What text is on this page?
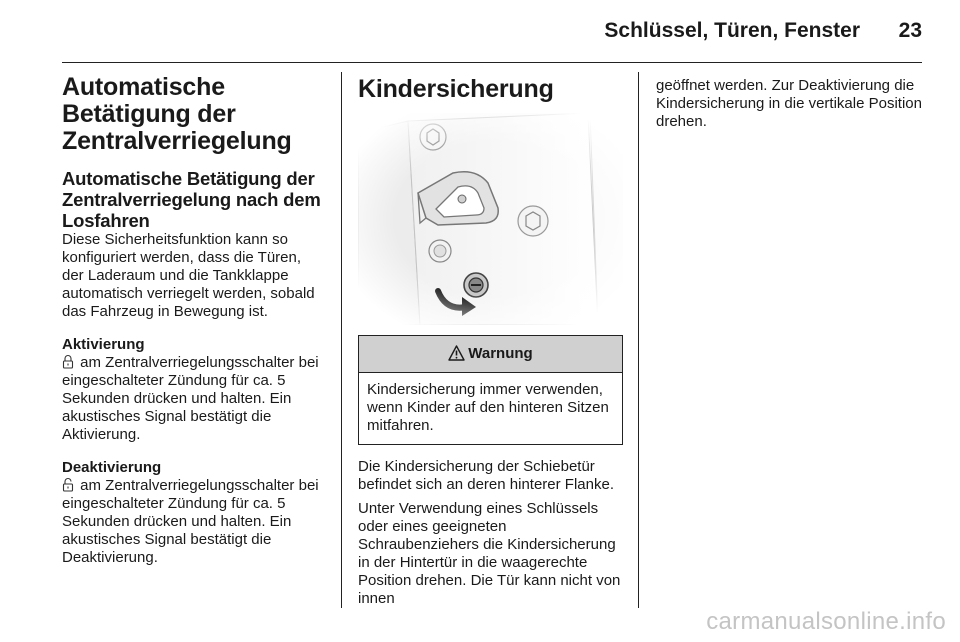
Schlüssel, Türen, Fenster 23
Automatische Betätigung der Zentralverriegelung
Automatische Betätigung der Zentralverriegelung nach dem Losfahren

Diese Sicherheitsfunktion kann so konfiguriert werden, dass die Türen, der Laderaum und die Tankklappe automatisch verriegelt werden, sobald das Fahrzeug in Bewegung ist.

Aktivierung

am Zentralverriegelungsschalter bei eingeschalteter Zündung für ca. 5 Sekunden drücken und halten. Ein akustisches Signal bestätigt die Aktivierung.

Deaktivierung

am Zentralverriegelungsschalter bei eingeschalteter Zündung für ca. 5 Sekunden drücken und halten. Ein akustisches Signal bestätigt die Deaktivierung.

Kindersicherung
Warnung

Kindersicherung immer verwenden, wenn Kinder auf den hinteren Sitzen mitfahren.

Die Kindersicherung der Schiebetür befindet sich an deren hinterer Flanke.

Unter Verwendung eines Schlüssels oder eines geeigneten Schraubenziehers die Kindersicherung in der Hintertür in die waagerechte Position drehen. Die Tür kann nicht von innen

geöffnet werden. Zur Deaktivierung die Kindersicherung in die vertikale Position drehen.

carmanualsonline.info
